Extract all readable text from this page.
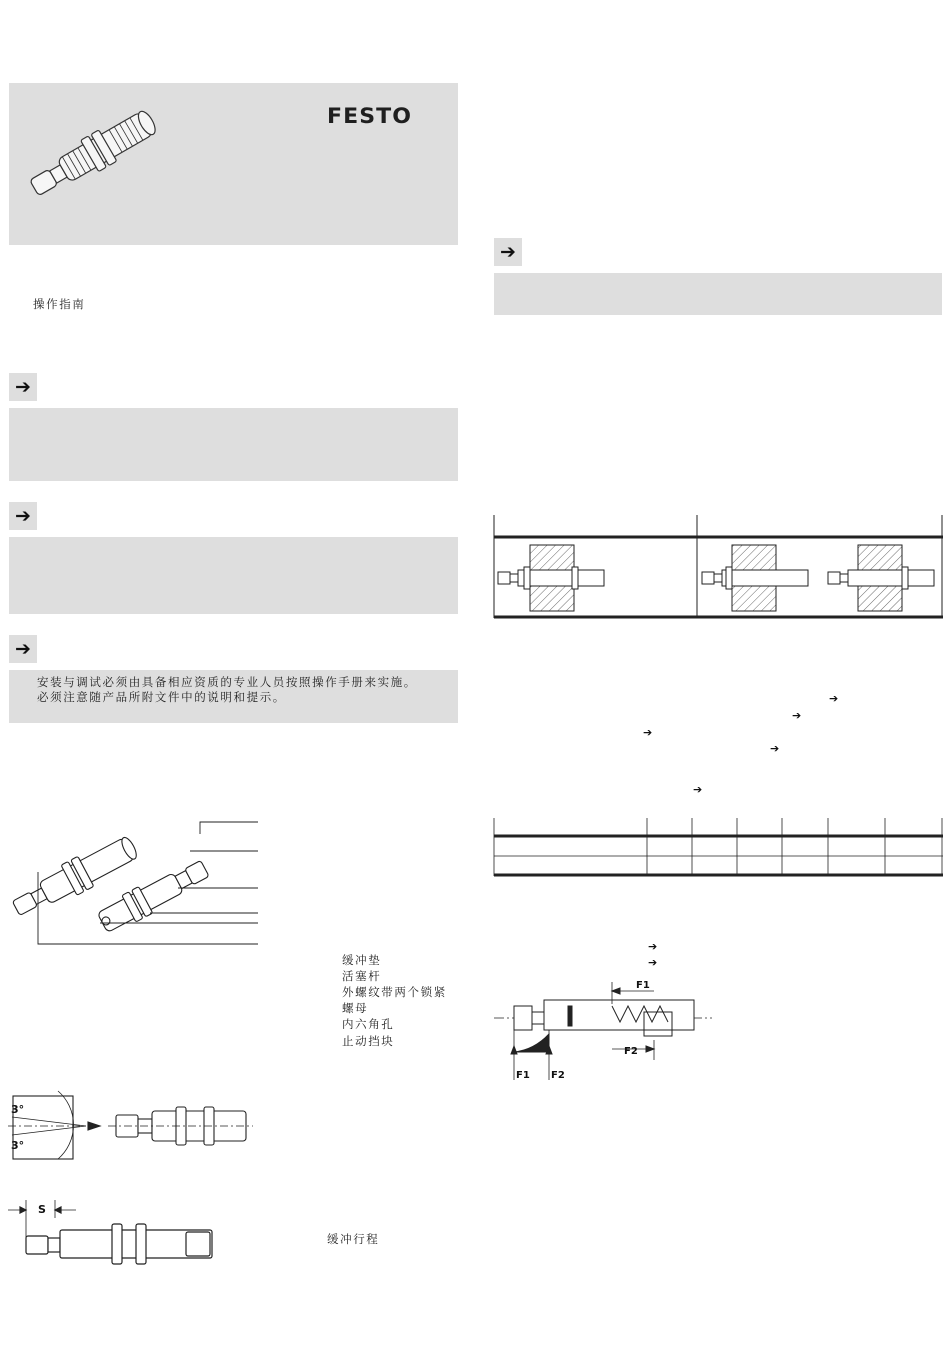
FESTO
操作指南
➔
➔
➔
安装与调试必须由具备相应资质的专业人员按照操作手册来实施。
必须注意随产品所附文件中的说明和提示。
缓冲垫
活塞杆
外螺纹带两个锁紧
螺母
内六角孔
止动挡块
3°
3°
S
缓冲行程
➔
➔
➔
➔
➔
➔
➔
➔
F1
F2
F1 F2
